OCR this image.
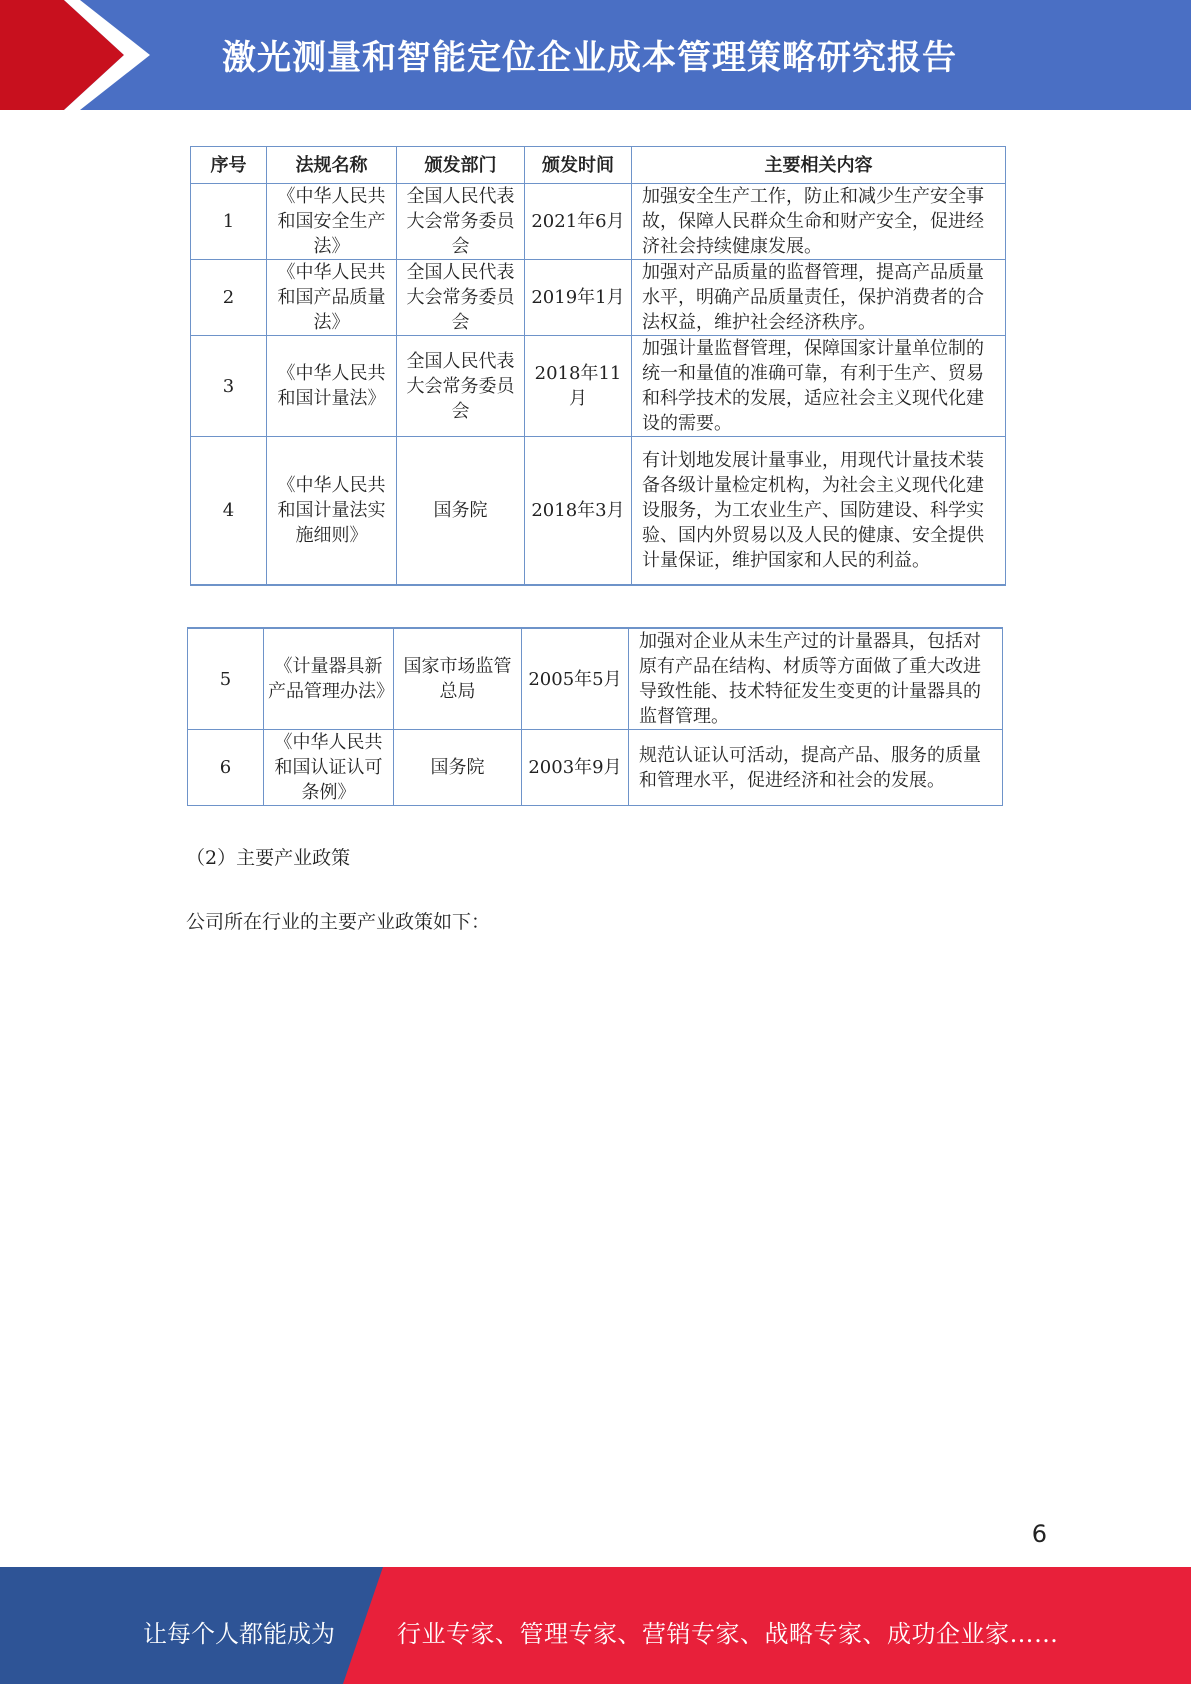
激光测量和智能定位企业成本管理策略研究报告
序号	法规名称	颁发部门	颁发时间	主要相关内容
1	《中华人民共和国安全生产法》	全国人民代表大会常务委员会	2021年6月	加强安全生产工作，防止和减少生产安全事故，保障人民群众生命和财产安全，促进经济社会持续健康发展。
2	《中华人民共和国产品质量法》	全国人民代表大会常务委员会	2019年1月	加强对产品质量的监督管理，提高产品质量水平，明确产品质量责任，保护消费者的合法权益，维护社会经济秩序。
3	《中华人民共和国计量法》	全国人民代表大会常务委员会	2018年11月	加强计量监督管理，保障国家计量单位制的统一和量值的准确可靠，有利于生产、贸易和科学技术的发展，适应社会主义现代化建设的需要。
4	《中华人民共和国计量法实施细则》	国务院	2018年3月	有计划地发展计量事业，用现代计量技术装备各级计量检定机构，为社会主义现代化建设服务，为工农业生产、国防建设、科学实验、国内外贸易以及人民的健康、安全提供计量保证，维护国家和人民的利益。
5	《计量器具新产品管理办法》	国家市场监管总局	2005年5月	加强对企业从未生产过的计量器具，包括对原有产品在结构、材质等方面做了重大改进导致性能、技术特征发生变更的计量器具的监督管理。
6	《中华人民共和国认证认可条例》	国务院	2003年9月	规范认证认可活动，提高产品、服务的质量和管理水平，促进经济和社会的发展。
（2）主要产业政策
公司所在行业的主要产业政策如下：
6
让每个人都能成为	行业专家、管理专家、营销专家、战略专家、成功企业家……
